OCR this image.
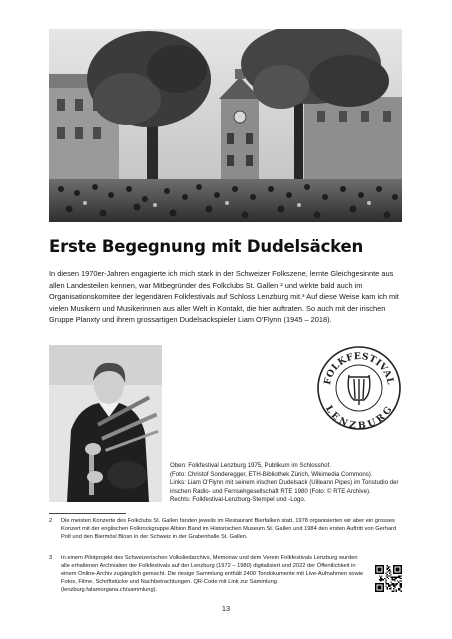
Erste Begegnung mit Dudelsäcken

In diesen 1970er-Jahren engagierte ich mich stark in der Schweizer Folkszene, lernte Gleichgesinnte aus allen Landesteilen kennen, war Mitbegründer des Folkclubs St. Gallen ² und wirkte bald auch im Organisationskomitee der legendären Folkfestivals auf Schloss Lenzburg mit.³ Auf diese Weise kam ich mit vielen Musikern und Musikerinnen aus aller Welt in Kontakt, die hier auftraten. So auch mit der irischen Gruppe Planxty und ihrem grossartigen Dudelsackspieler Liam O’Flynn (1945 – 2018).

FOLKFESTIVAL
LENZBURG
Oben: Folkfestival Lenzburg 1975, Publikum im Schlosshof.
(Foto: Christof Sonderegger, ETH-Bibliothek Zürich, Wikimedia Commons).
Links: Liam O’Flynn mit seinem irischen Dudelsack (Uilleann Pipes) im Tonstudio der
irischen Radio- und Fernsehgesellschaft RTE 1980 (Foto: © RTE Archive).
Rechts: Folkfestival-Lenzburg-Stempel und -Logo.
2 Die meisten Konzerte des Folkclubs St. Gallen fanden jeweils im Restaurant Bierfalken statt. 1978 organisierten wir aber ein grosses Konzert mit der englischen Folkrockgruppe Albion Band im Historischen Museum St. Gallen und 1984 den ersten Auftritt von Gerhard Polt und den Biermösl Blosn in der Schweiz in der Grabenhalle St. Gallen.
3 In einem Pilotprojekt des Schweizerischen Volksliedarchivs, Memoriav und dem Verein Folkfestivals Lenzburg wurden alle erhaltenen Archivalien der Folkfestivals auf der Lenzburg (1972 – 1980) digitalisiert und 2022 der Öffentlichkeit in einem Online-Archiv zugänglich gemacht. Die riesige Sammlung enthält 2400 Tondokumente mit Live-Aufnahmen sowie Fotos, Filme, Schriftstücke und Nachbetrachtungen. QR-Code mit Link zur Sammlung (lenzburg.fatamorgana.ch/sammlung).
13
